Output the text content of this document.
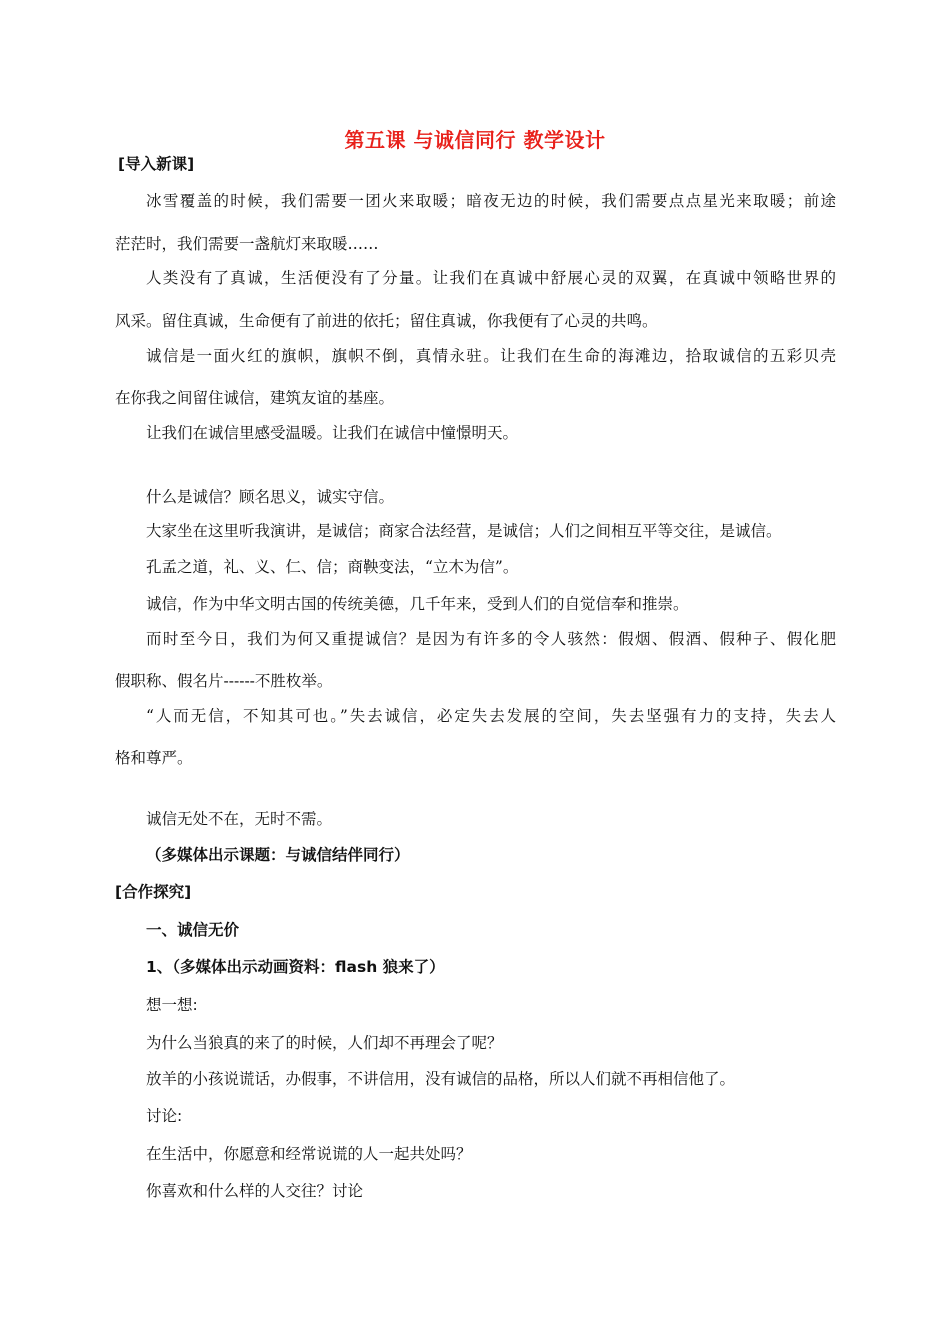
第五课 与诚信同行 教学设计
[导入新课]
冰雪覆盖的时候，我们需要一团火来取暖；暗夜无边的时候，我们需要点点星光来取暖；前途
茫茫时，我们需要一盏航灯来取暖……
人类没有了真诚，生活便没有了分量。让我们在真诚中舒展心灵的双翼，在真诚中领略世界的
风采。留住真诚，生命便有了前进的依托；留住真诚，你我便有了心灵的共鸣。
诚信是一面火红的旗帜，旗帜不倒，真情永驻。让我们在生命的海滩边，拾取诚信的五彩贝壳
在你我之间留住诚信，建筑友谊的基座。
让我们在诚信里感受温暖。让我们在诚信中憧憬明天。
什么是诚信？顾名思义，诚实守信。
大家坐在这里听我演讲，是诚信；商家合法经营，是诚信；人们之间相互平等交往，是诚信。
孔孟之道，礼、义、仁、信；商鞅变法，“立木为信”。
诚信，作为中华文明古国的传统美德，几千年来，受到人们的自觉信奉和推崇。
而时至今日，我们为何又重提诚信？是因为有许多的令人骇然：假烟、假酒、假种子、假化肥
假职称、假名片------不胜枚举。
“人而无信，不知其可也。”失去诚信，必定失去发展的空间，失去坚强有力的支持，失去人
格和尊严。
诚信无处不在，无时不需。
（多媒体出示课题：与诚信结伴同行）
[合作探究]
一、诚信无价
1、（多媒体出示动画资料：flash 狼来了）
想一想:
为什么当狼真的来了的时候，人们却不再理会了呢？
放羊的小孩说谎话，办假事，不讲信用，没有诚信的品格，所以人们就不再相信他了。
讨论:
在生活中，你愿意和经常说谎的人一起共处吗？
你喜欢和什么样的人交往？讨论
